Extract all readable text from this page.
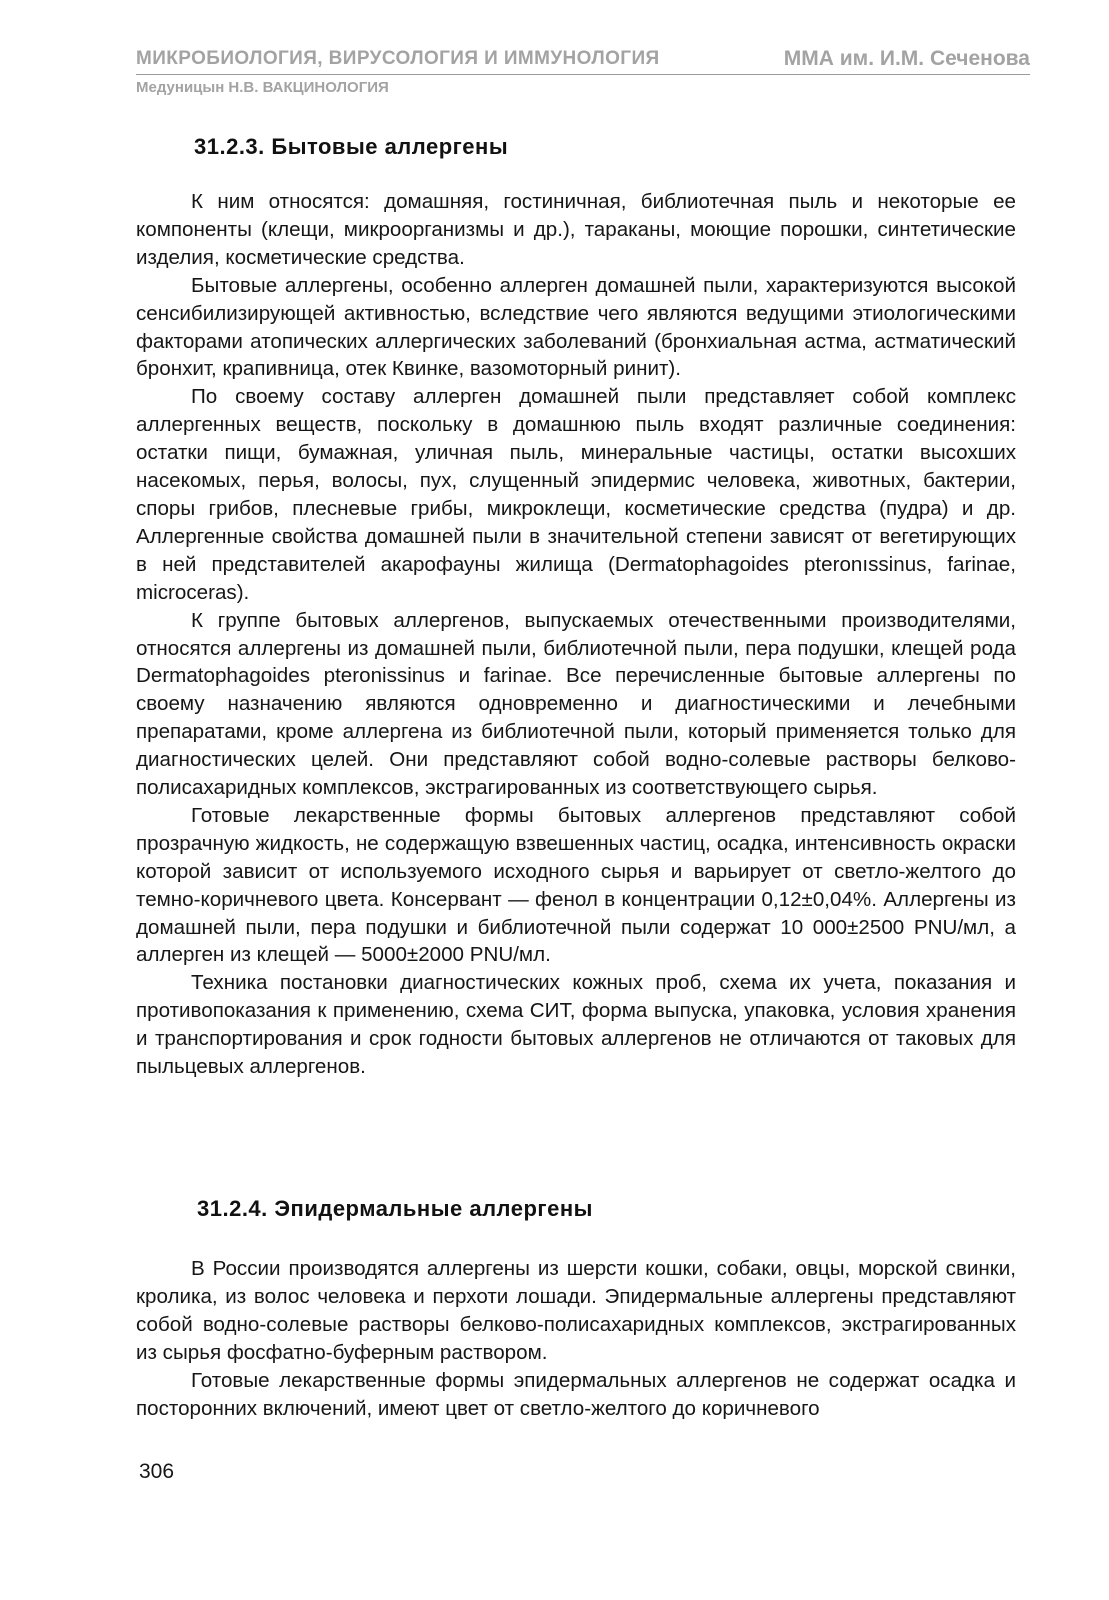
МИКРОБИОЛОГИЯ, ВИРУСОЛОГИЯ И ИММУНОЛОГИЯ	ММА им. И.М. Сеченова
Медуницын Н.В. ВАКЦИНОЛОГИЯ
31.2.3. Бытовые аллергены

К ним относятся: домашняя, гостиничная, библиотечная пыль и некоторые ее компоненты (клещи, микроорганизмы и др.), тараканы, моющие порошки, синтетические изделия, косметические средства.

Бытовые аллергены, особенно аллерген домашней пыли, характеризуются высокой сенсибилизирующей активностью, вследствие чего являются ведущими этиологическими факторами атопических аллергических заболеваний (бронхиальная астма, астматический бронхит, крапивница, отек Квинке, вазомоторный ринит).

По своему составу аллерген домашней пыли представляет собой комплекс аллергенных веществ, поскольку в домашнюю пыль входят различные соединения: остатки пищи, бумажная, уличная пыль, минеральные частицы, остатки высохших насекомых, перья, волосы, пух, слущенный эпидермис человека, животных, бактерии, споры грибов, плесневые грибы, микроклещи, косметические средства (пудра) и др. Аллергенные свойства домашней пыли в значительной степени зависят от вегетирующих в ней представителей акарофауны жилища (Dermatophagoides pteronıssinus, farinae, microceras).

К группе бытовых аллергенов, выпускаемых отечественными производителями, относятся аллергены из домашней пыли, библиотечной пыли, пера подушки, клещей рода Dermatophagoides pteronissinus и farinae. Все перечисленные бытовые аллергены по своему назначению являются одновременно и диагностическими и лечебными препаратами, кроме аллергена из библиотечной пыли, который применяется только для диагностических целей. Они представляют собой водно-солевые растворы белково-полисахаридных комплексов, экстрагированных из соответствующего сырья.

Готовые лекарственные формы бытовых аллергенов представляют собой прозрачную жидкость, не содержащую взвешенных частиц, осадка, интенсивность окраски которой зависит от используемого исходного сырья и варьирует от светло-желтого до темно-коричневого цвета. Консервант — фенол в концентрации 0,12±0,04%. Аллергены из домашней пыли, пера подушки и библиотечной пыли содержат 10 000±2500 PNU/мл, а аллерген из клещей — 5000±2000 PNU/мл.

Техника постановки диагностических кожных проб, схема их учета, показания и противопоказания к применению, схема СИТ, форма выпуска, упаковка, условия хранения и транспортирования и срок годности бытовых аллергенов не отличаются от таковых для пыльцевых аллергенов.

31.2.4. Эпидермальные аллергены

В России производятся аллергены из шерсти кошки, собаки, овцы, морской свинки, кролика, из волос человека и перхоти лошади. Эпидермальные аллергены представляют собой водно-солевые растворы белково-полисахаридных комплексов, экстрагированных из сырья фосфатно-буферным раствором.

Готовые лекарственные формы эпидермальных аллергенов не содержат осадка и посторонних включений, имеют цвет от светло-желтого до коричневого

306
